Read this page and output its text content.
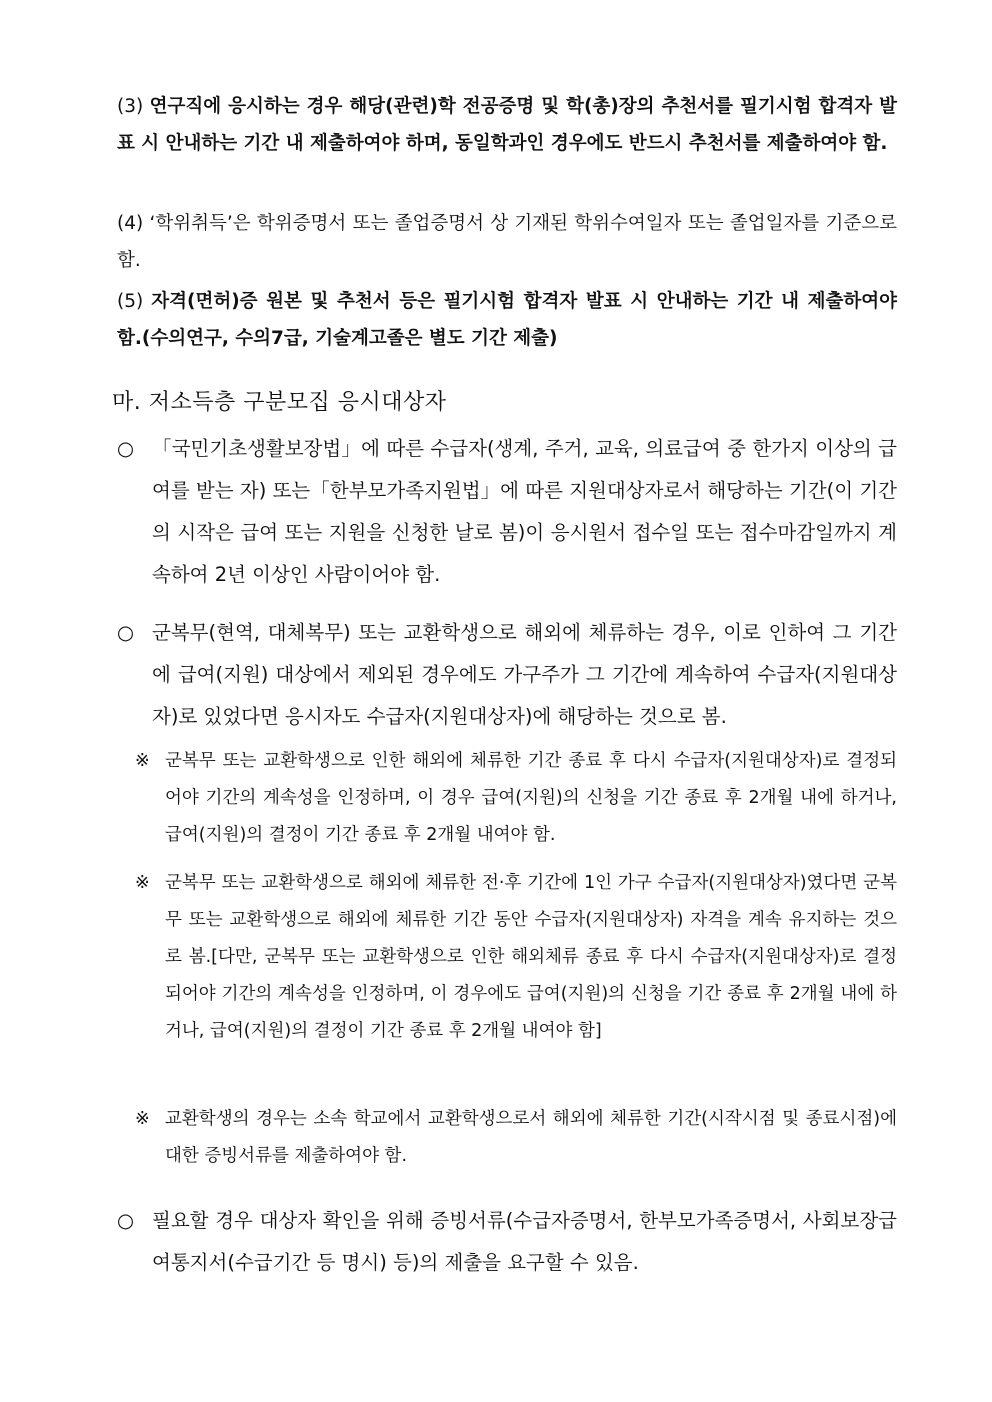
(3) 연구직에 응시하는 경우 해당(관련)학 전공증명 및 학(총)장의 추천서를 필기시험 합격자 발표 시 안내하는 기간 내 제출하여야 하며, 동일학과인 경우에도 반드시 추천서를 제출하여야 함.
(4) ‘학위취득’은 학위증명서 또는 졸업증명서 상 기재된 학위수여일자 또는 졸업일자를 기준으로 함.
(5) 자격(면허)증 원본 및 추천서 등은 필기시험 합격자 발표 시 안내하는 기간 내 제출하여야 함.(수의연구, 수의7급, 기술계고졸은 별도 기간 제출)
마. 저소득층 구분모집 응시대상자
○ 「국민기초생활보장법」에 따른 수급자(생계, 주거, 교육, 의료급여 중 한가지 이상의 급여를 받는 자) 또는「한부모가족지원법」에 따른 지원대상자로서 해당하는 기간(이 기간의 시작은 급여 또는 지원을 신청한 날로 봄)이 응시원서 접수일 또는 접수마감일까지 계속하여 2년 이상인 사람이어야 함.
○ 군복무(현역, 대체복무) 또는 교환학생으로 해외에 체류하는 경우, 이로 인하여 그 기간에 급여(지원) 대상에서 제외된 경우에도 가구주가 그 기간에 계속하여 수급자(지원대상자)로 있었다면 응시자도 수급자(지원대상자)에 해당하는 것으로 봄.
※ 군복무 또는 교환학생으로 인한 해외에 체류한 기간 종료 후 다시 수급자(지원대상자)로 결정되어야 기간의 계속성을 인정하며, 이 경우 급여(지원)의 신청을 기간 종료 후 2개월 내에 하거나, 급여(지원)의 결정이 기간 종료 후 2개월 내여야 함.
※ 군복무 또는 교환학생으로 해외에 체류한 전·후 기간에 1인 가구 수급자(지원대상자)였다면 군복무 또는 교환학생으로 해외에 체류한 기간 동안 수급자(지원대상자) 자격을 계속 유지하는 것으로 봄.[다만, 군복무 또는 교환학생으로 인한 해외체류 종료 후 다시 수급자(지원대상자)로 결정되어야 기간의 계속성을 인정하며, 이 경우에도 급여(지원)의 신청을 기간 종료 후 2개월 내에 하거나, 급여(지원)의 결정이 기간 종료 후 2개월 내여야 함]
※ 교환학생의 경우는 소속 학교에서 교환학생으로서 해외에 체류한 기간(시작시점 및 종료시점)에 대한 증빙서류를 제출하여야 함.
○ 필요할 경우 대상자 확인을 위해 증빙서류(수급자증명서, 한부모가족증명서, 사회보장급여통지서(수급기간 등 명시) 등)의 제출을 요구할 수 있음.
